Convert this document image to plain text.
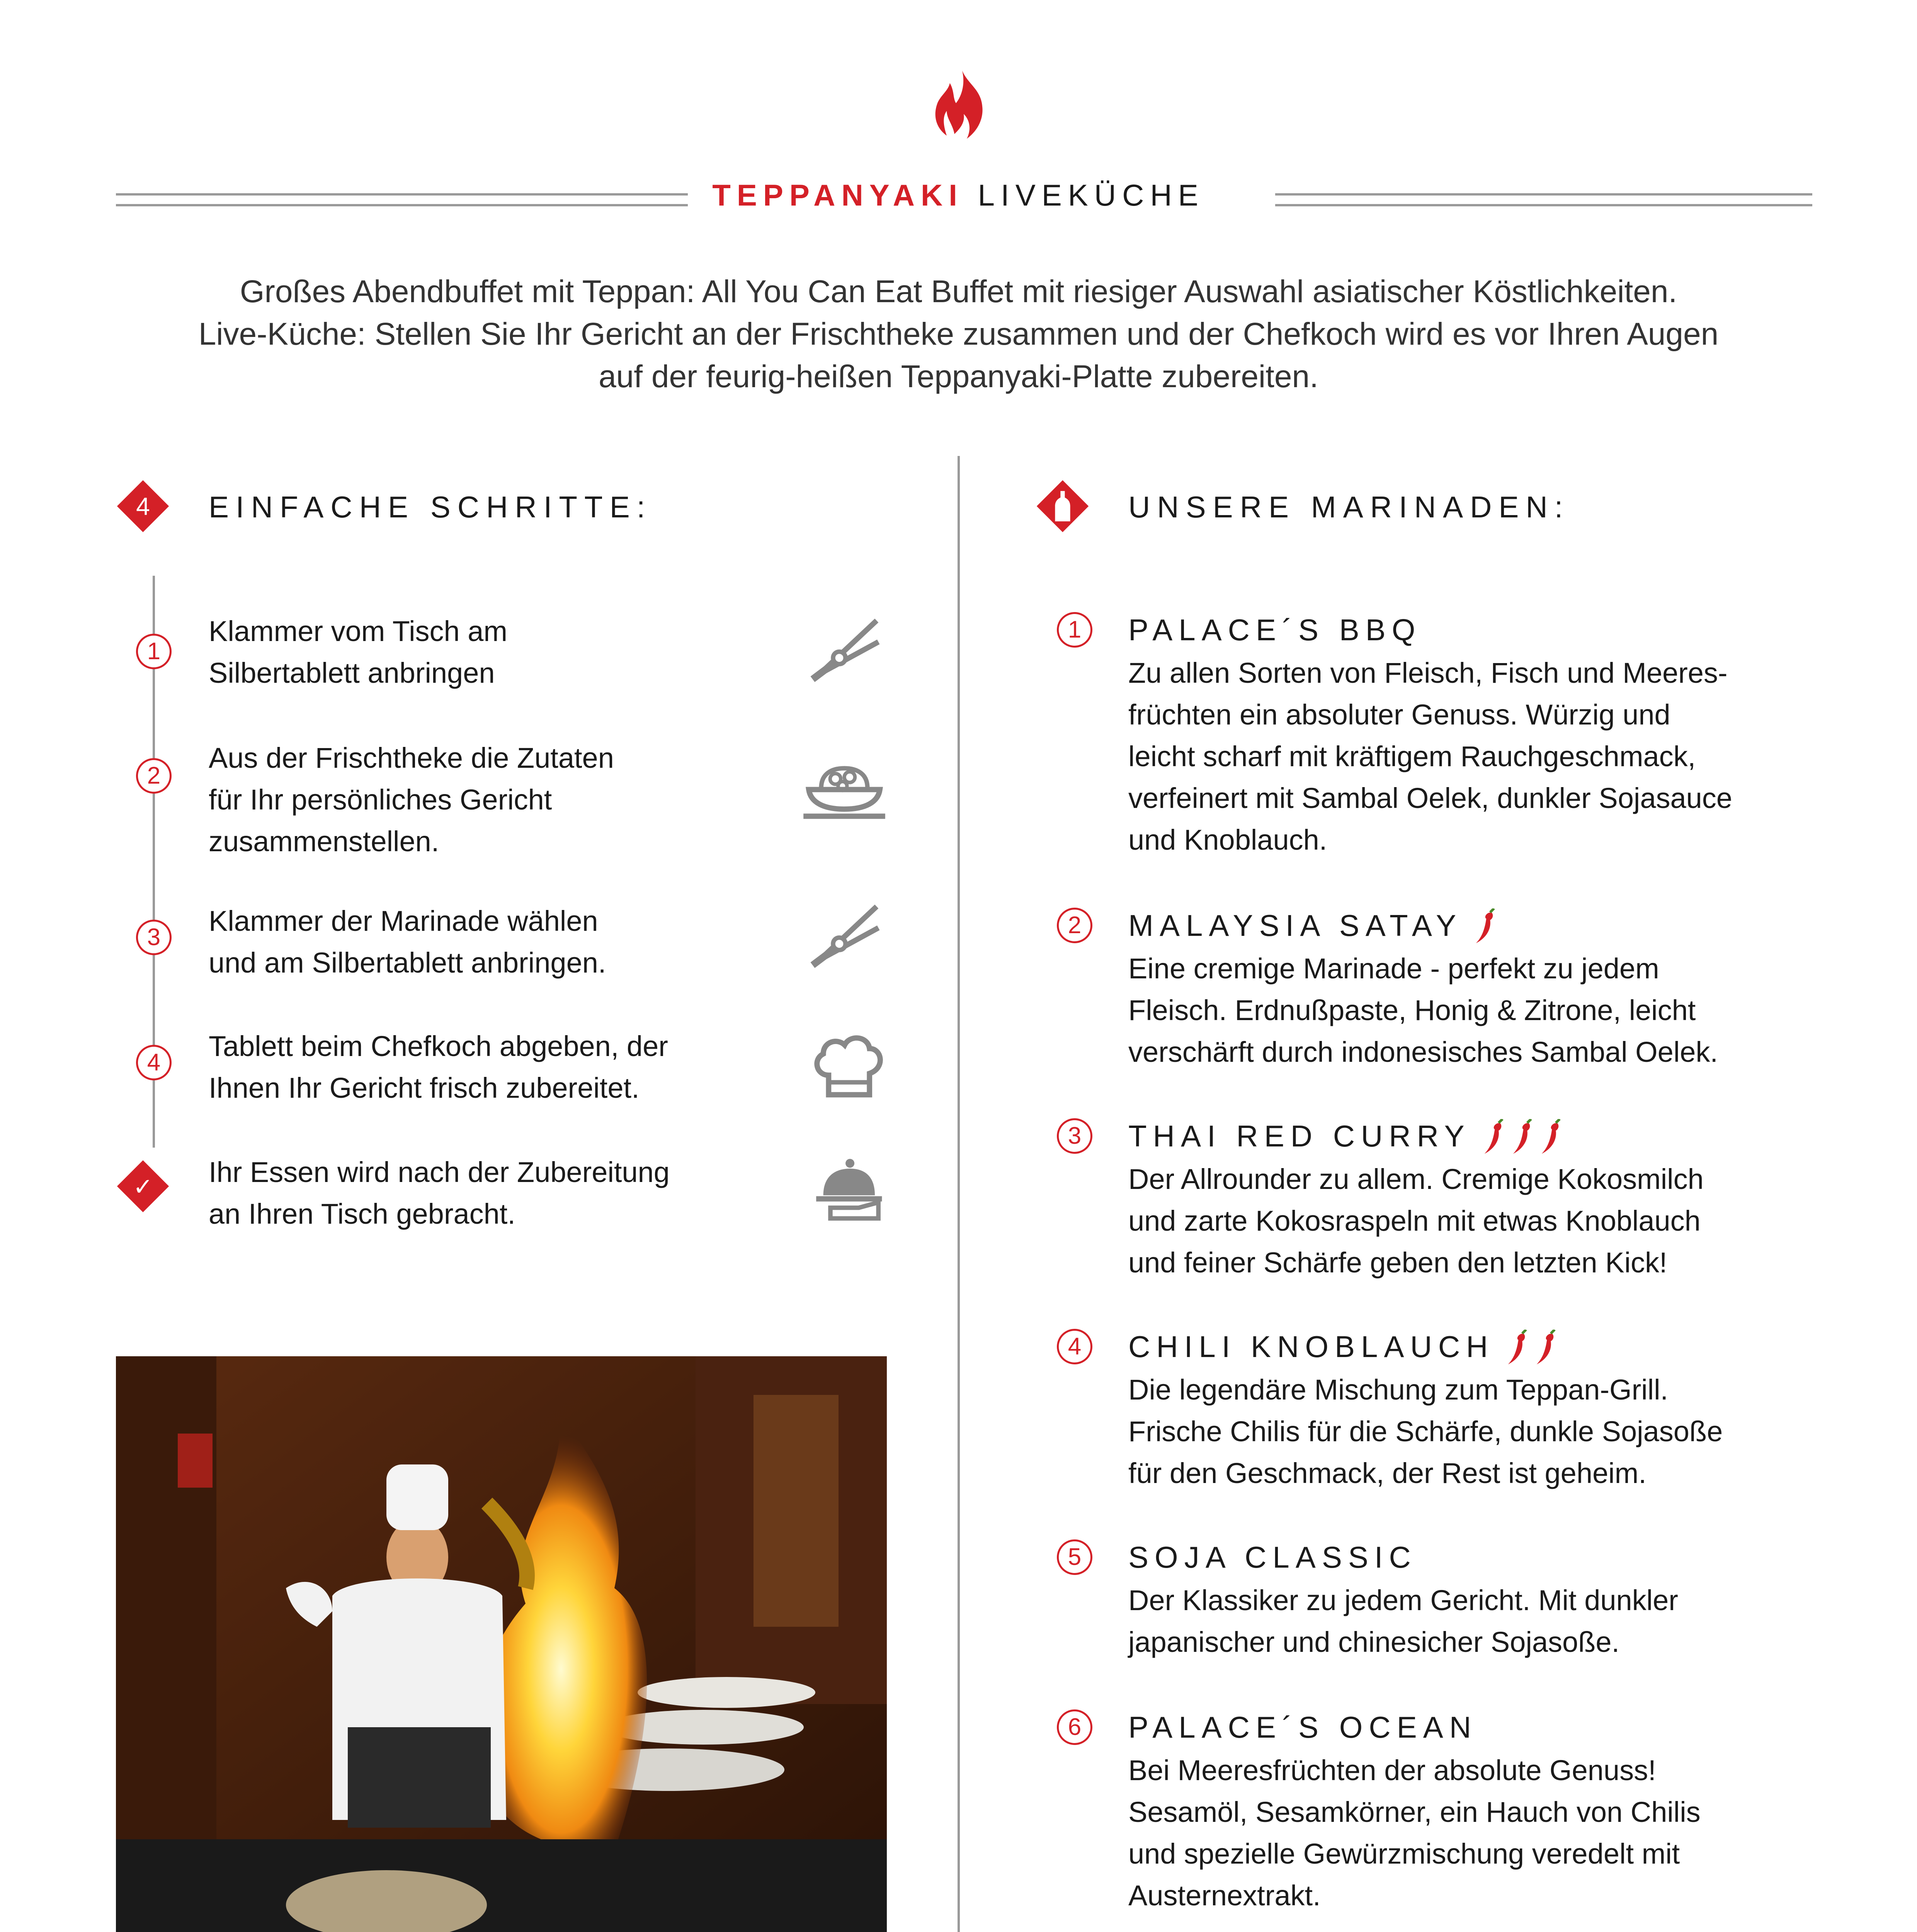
TEPPANYAKI LIVEKÜCHE
Großes Abendbuffet mit Teppan: All You Can Eat Buffet mit riesiger Auswahl asiatischer Köstlichkeiten.
Live-Küche: Stellen Sie Ihr Gericht an der Frischtheke zusammen und der Chefkoch wird es vor Ihren Augen
auf der feurig-heißen Teppanyaki-Platte zubereiten.
4 EINFACHE SCHRITTE:
1
Klammer vom Tisch am
Silbertablett anbringen
2
Aus der Frischtheke die Zutaten
für Ihr persönliches Gericht
zusammenstellen.
3
Klammer der Marinade wählen
und am Silbertablett anbringen.
4
Tablett beim Chefkoch abgeben, der
Ihnen Ihr Gericht frisch zubereitet.
✓ Ihr Essen wird nach der Zubereitung
an Ihren Tisch gebracht.
UNSERE MARINADEN:
1	PALACE´S BBQ
Zu allen Sorten von Fleisch, Fisch und Meeres-
früchten ein absoluter Genuss. Würzig und
leicht scharf mit kräftigem Rauchgeschmack,
verfeinert mit Sambal Oelek, dunkler Sojasauce
und Knoblauch.
2	MALAYSIA SATAY
Eine cremige Marinade - perfekt zu jedem
Fleisch. Erdnußpaste, Honig & Zitrone, leicht
verschärft durch indonesisches Sambal Oelek.
3	THAI RED CURRY
Der Allrounder zu allem. Cremige Kokosmilch
und zarte Kokosraspeln mit etwas Knoblauch
und feiner Schärfe geben den letzten Kick!
4	CHILI KNOBLAUCH
Die legendäre Mischung zum Teppan-Grill.
Frische Chilis für die Schärfe, dunkle Sojasoße
für den Geschmack, der Rest ist geheim.
5	SOJA CLASSIC
Der Klassiker zu jedem Gericht. Mit dunkler
japanischer und chinesicher Sojasoße.
6	PALACE´S OCEAN
Bei Meeresfrüchten der absolute Genuss!
Sesamöl, Sesamkörner, ein Hauch von Chilis
und spezielle Gewürzmischung veredelt mit
Austernextrakt.
